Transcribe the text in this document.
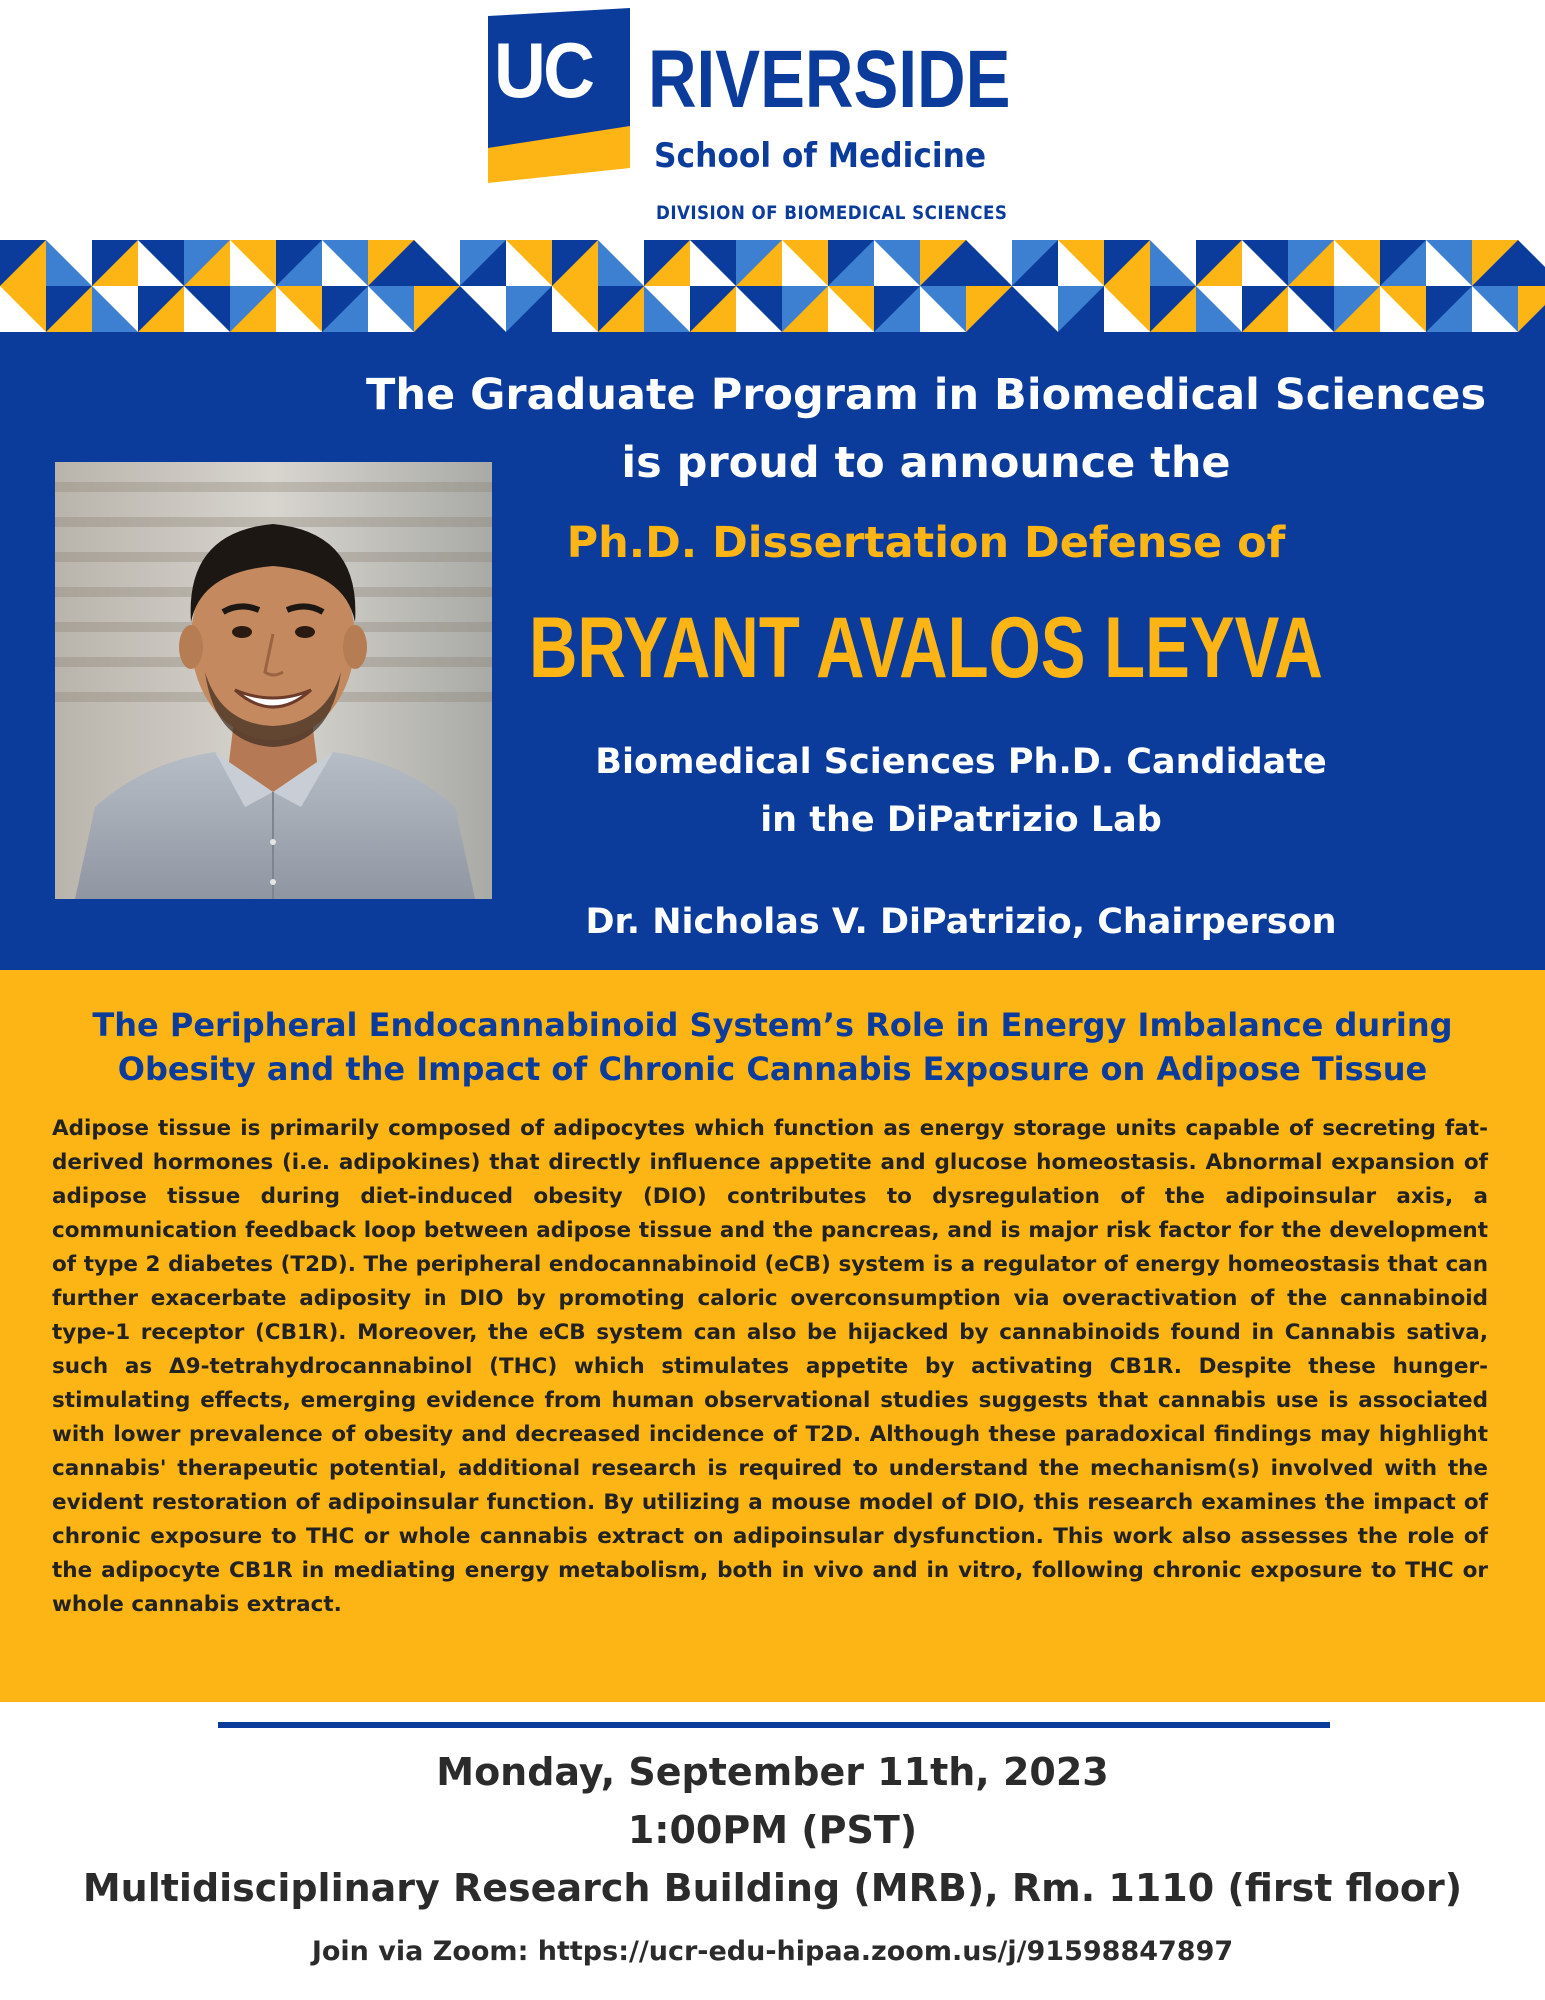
UC RIVERSIDE
School of Medicine
DIVISION OF BIOMEDICAL SCIENCES
The Graduate Program in Biomedical Sciences
is proud to announce the
Ph.D. Dissertation Defense of
BRYANT AVALOS LEYVA
Biomedical Sciences Ph.D. Candidate
in the DiPatrizio Lab
Dr. Nicholas V. DiPatrizio, Chairperson
The Peripheral Endocannabinoid System’s Role in Energy Imbalance during
Obesity and the Impact of Chronic Cannabis Exposure on Adipose Tissue

Adipose tissue is primarily composed of adipocytes which function as energy storage units capable of secreting fat-derived hormones (i.e. adipokines) that directly influence appetite and glucose homeostasis. Abnormal expansion of adipose tissue during diet-induced obesity (DIO) contributes to dysregulation of the adipoinsular axis, a communication feedback loop between adipose tissue and the pancreas, and is major risk factor for the development of type 2 diabetes (T2D). The peripheral endocannabinoid (eCB) system is a regulator of energy homeostasis that can further exacerbate adiposity in DIO by promoting caloric overconsumption via overactivation of the cannabinoid type-1 receptor (CB1R). Moreover, the eCB system can also be hijacked by cannabinoids found in Cannabis sativa, such as Δ9-tetrahydrocannabinol (THC) which stimulates appetite by activating CB1R. Despite these hunger-stimulating effects, emerging evidence from human observational studies suggests that cannabis use is associated with lower prevalence of obesity and decreased incidence of T2D. Although these paradoxical findings may highlight cannabis' therapeutic potential, additional research is required to understand the mechanism(s) involved with the evident restoration of adipoinsular function. By utilizing a mouse model of DIO, this research examines the impact of chronic exposure to THC or whole cannabis extract on adipoinsular dysfunction. This work also assesses the role of the adipocyte CB1R in mediating energy metabolism, both in vivo and in vitro, following chronic exposure to THC or whole cannabis extract.

Monday, September 11th, 2023
1:00PM (PST)
Multidisciplinary Research Building (MRB), Rm. 1110 (first floor)
Join via Zoom: https://ucr-edu-hipaa.zoom.us/j/91598847897
